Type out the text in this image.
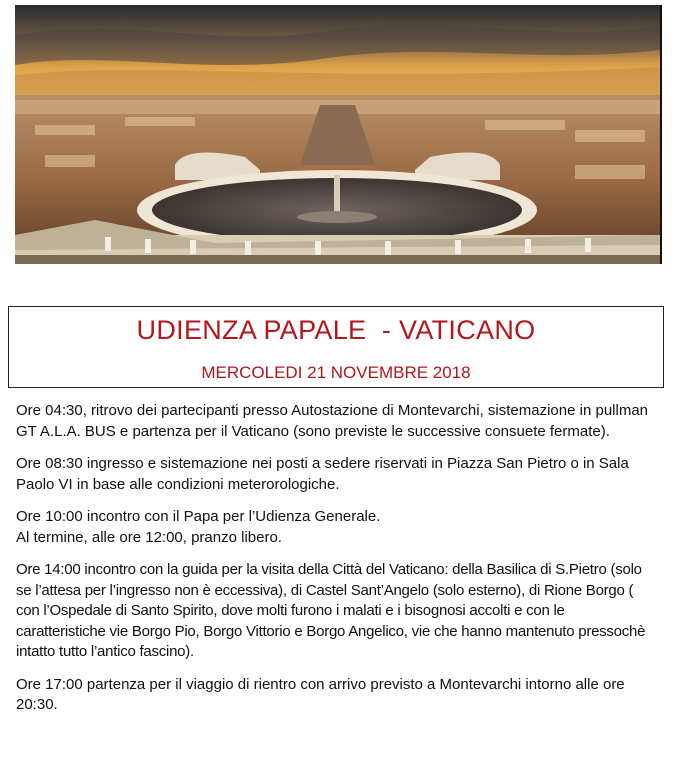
UDIENZA PAPALE  - VATICANO
MERCOLEDI 21 NOVEMBRE 2018

Ore 04:30, ritrovo dei partecipanti presso Autostazione di Montevarchi, sistemazione in pullman GT A.L.A. BUS e partenza per il Vaticano (sono previste le successive consuete fermate).

Ore 08:30 ingresso e sistemazione nei posti a sedere riservati in Piazza San Pietro o in Sala Paolo VI in base alle condizioni meterorologiche.

Ore 10:00 incontro con il Papa per l’Udienza Generale.

Al termine, alle ore 12:00, pranzo libero.

Ore 14:00 incontro con la guida per la visita della Città del Vaticano: della Basilica di S.Pietro (solo se l’attesa per l’ingresso non è eccessiva), di Castel Sant’Angelo (solo esterno), di Rione Borgo ( con l’Ospedale di Santo Spirito, dove molti furono i malati e i bisognosi accolti e con le caratteristiche vie Borgo Pio, Borgo Vittorio e Borgo Angelico, vie che hanno mantenuto pressochè intatto tutto l’antico fascino).

Ore 17:00 partenza per il viaggio di rientro con arrivo previsto a Montevarchi intorno alle ore 20:30.
